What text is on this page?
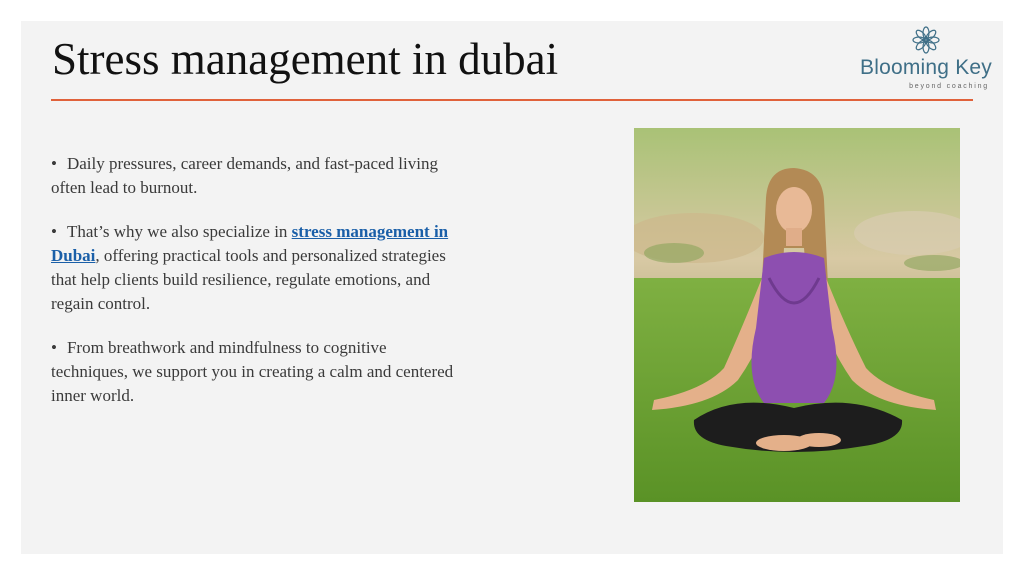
Stress management in dubai	Blooming Key
beyond coaching
• Daily pressures, career demands, and fast-paced living often lead to burnout.
• That’s why we also specialize in stress management in Dubai, offering practical tools and personalized strategies that help clients build resilience, regulate emotions, and regain control.
• From breathwork and mindfulness to cognitive techniques, we support you in creating a calm and centered inner world.
